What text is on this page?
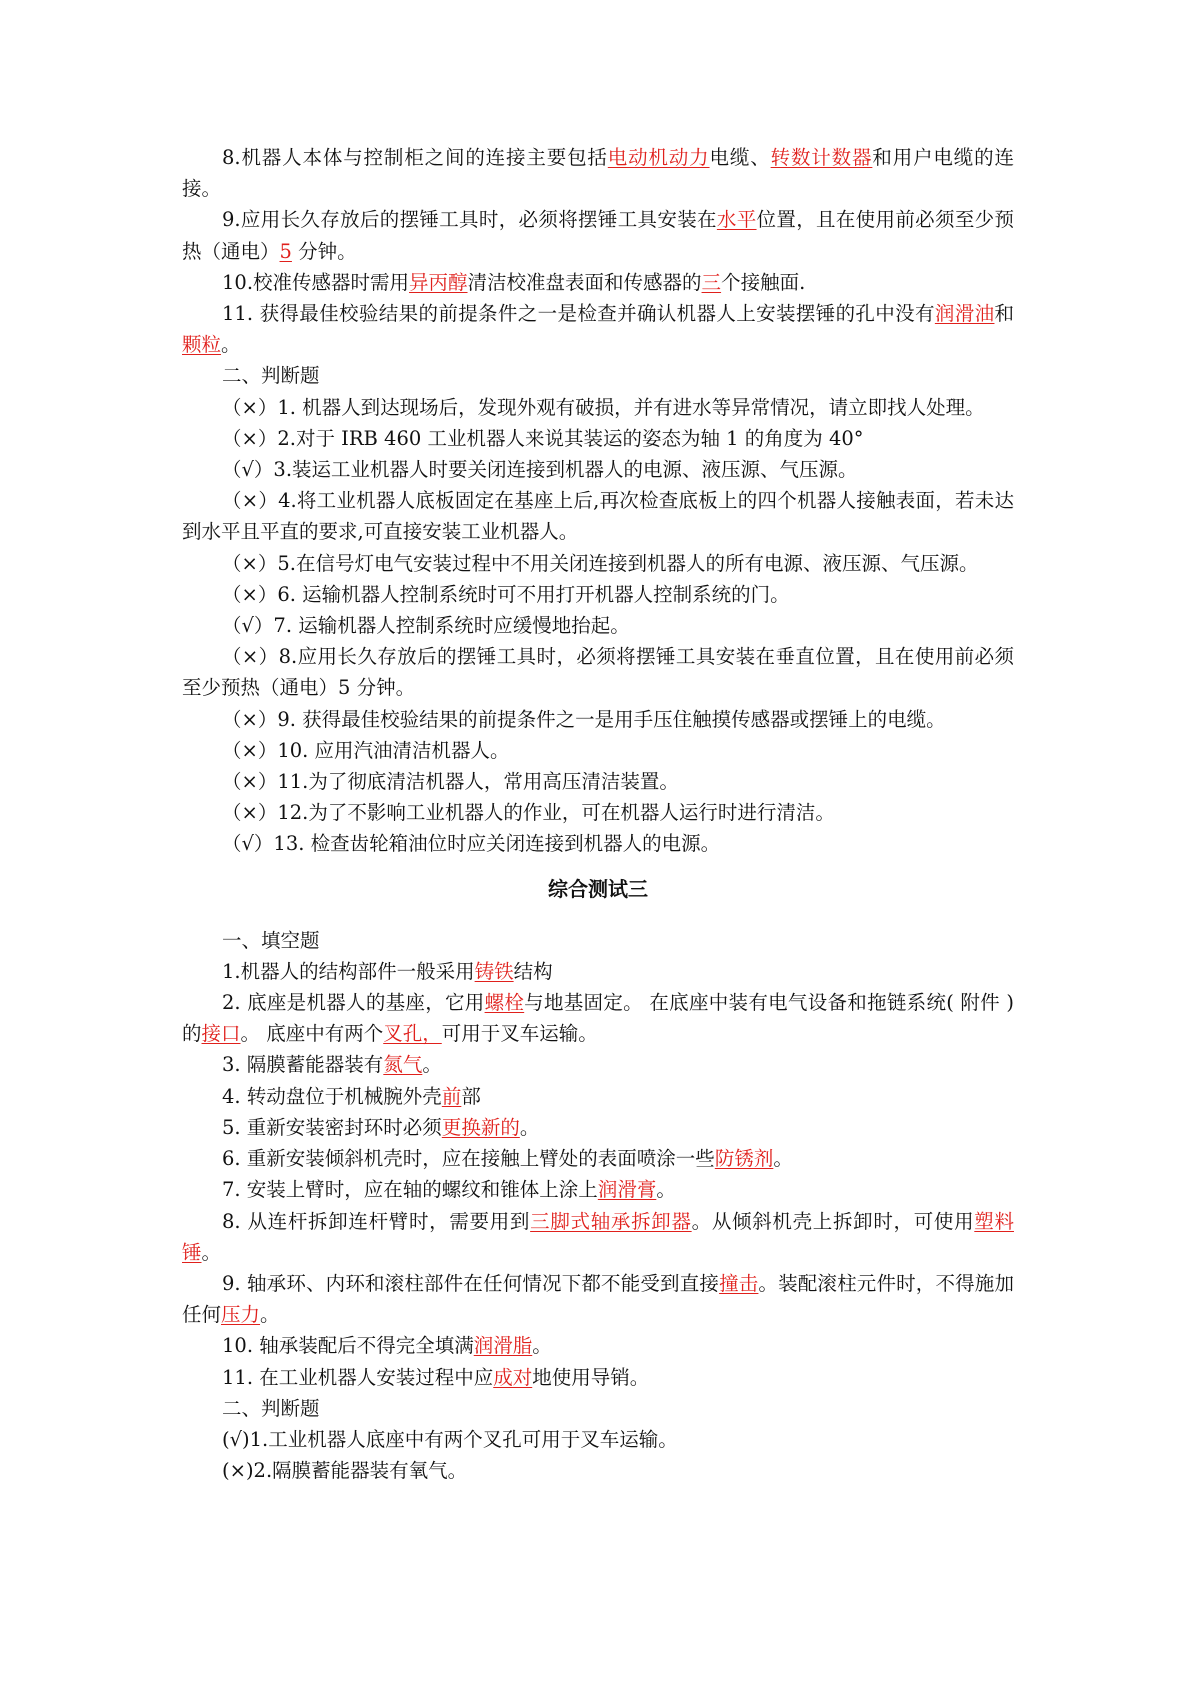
8.机器人本体与控制柜之间的连接主要包括电动机动力电缆、转数计数器和用户电缆的连接。
9.应用长久存放后的摆锤工具时，必须将摆锤工具安装在水平位置，且在使用前必须至少预热（通电）5 分钟。
10.校准传感器时需用异丙醇清洁校准盘表面和传感器的三个接触面.
11. 获得最佳校验结果的前提条件之一是检查并确认机器人上安装摆锤的孔中没有润滑油和颗粒。
二、判断题
（×）1. 机器人到达现场后，发现外观有破损，并有进水等异常情况，请立即找人处理。
（×）2.对于 IRB 460 工业机器人来说其装运的姿态为轴 1 的角度为 40°
（√）3.装运工业机器人时要关闭连接到机器人的电源、液压源、气压源。
（×）4.将工业机器人底板固定在基座上后,再次检查底板上的四个机器人接触表面，若未达到水平且平直的要求,可直接安装工业机器人。
（×）5.在信号灯电气安装过程中不用关闭连接到机器人的所有电源、液压源、气压源。
（×）6. 运输机器人控制系统时可不用打开机器人控制系统的门。
（√）7. 运输机器人控制系统时应缓慢地抬起。
（×）8.应用长久存放后的摆锤工具时，必须将摆锤工具安装在垂直位置，且在使用前必须至少预热（通电）5 分钟。
（×）9. 获得最佳校验结果的前提条件之一是用手压住触摸传感器或摆锤上的电缆。
（×）10. 应用汽油清洁机器人。
（×）11.为了彻底清洁机器人，常用高压清洁装置。
（×）12.为了不影响工业机器人的作业，可在机器人运行时进行清洁。
（√）13. 检查齿轮箱油位时应关闭连接到机器人的电源。
综合测试三
一、填空题
1.机器人的结构部件一般采用铸铁结构
2. 底座是机器人的基座，它用螺栓与地基固定。 在底座中装有电气设备和拖链系统( 附件 ) 的接口。 底座中有两个叉孔，可用于叉车运输。
3. 隔膜蓄能器装有氮气。
4. 转动盘位于机械腕外壳前部
5. 重新安装密封环时必须更换新的。
6. 重新安装倾斜机壳时，应在接触上臂处的表面喷涂一些防锈剂。
7. 安装上臂时，应在轴的螺纹和锥体上涂上润滑膏。
8. 从连杆拆卸连杆臂时，需要用到三脚式轴承拆卸器。从倾斜机壳上拆卸时，可使用塑料锤。
9. 轴承环、内环和滚柱部件在任何情况下都不能受到直接撞击。装配滚柱元件时，不得施加任何压力。
10. 轴承装配后不得完全填满润滑脂。
11. 在工业机器人安装过程中应成对地使用导销。
二、判断题
(√)1.工业机器人底座中有两个叉孔可用于叉车运输。
(×)2.隔膜蓄能器装有氧气。
